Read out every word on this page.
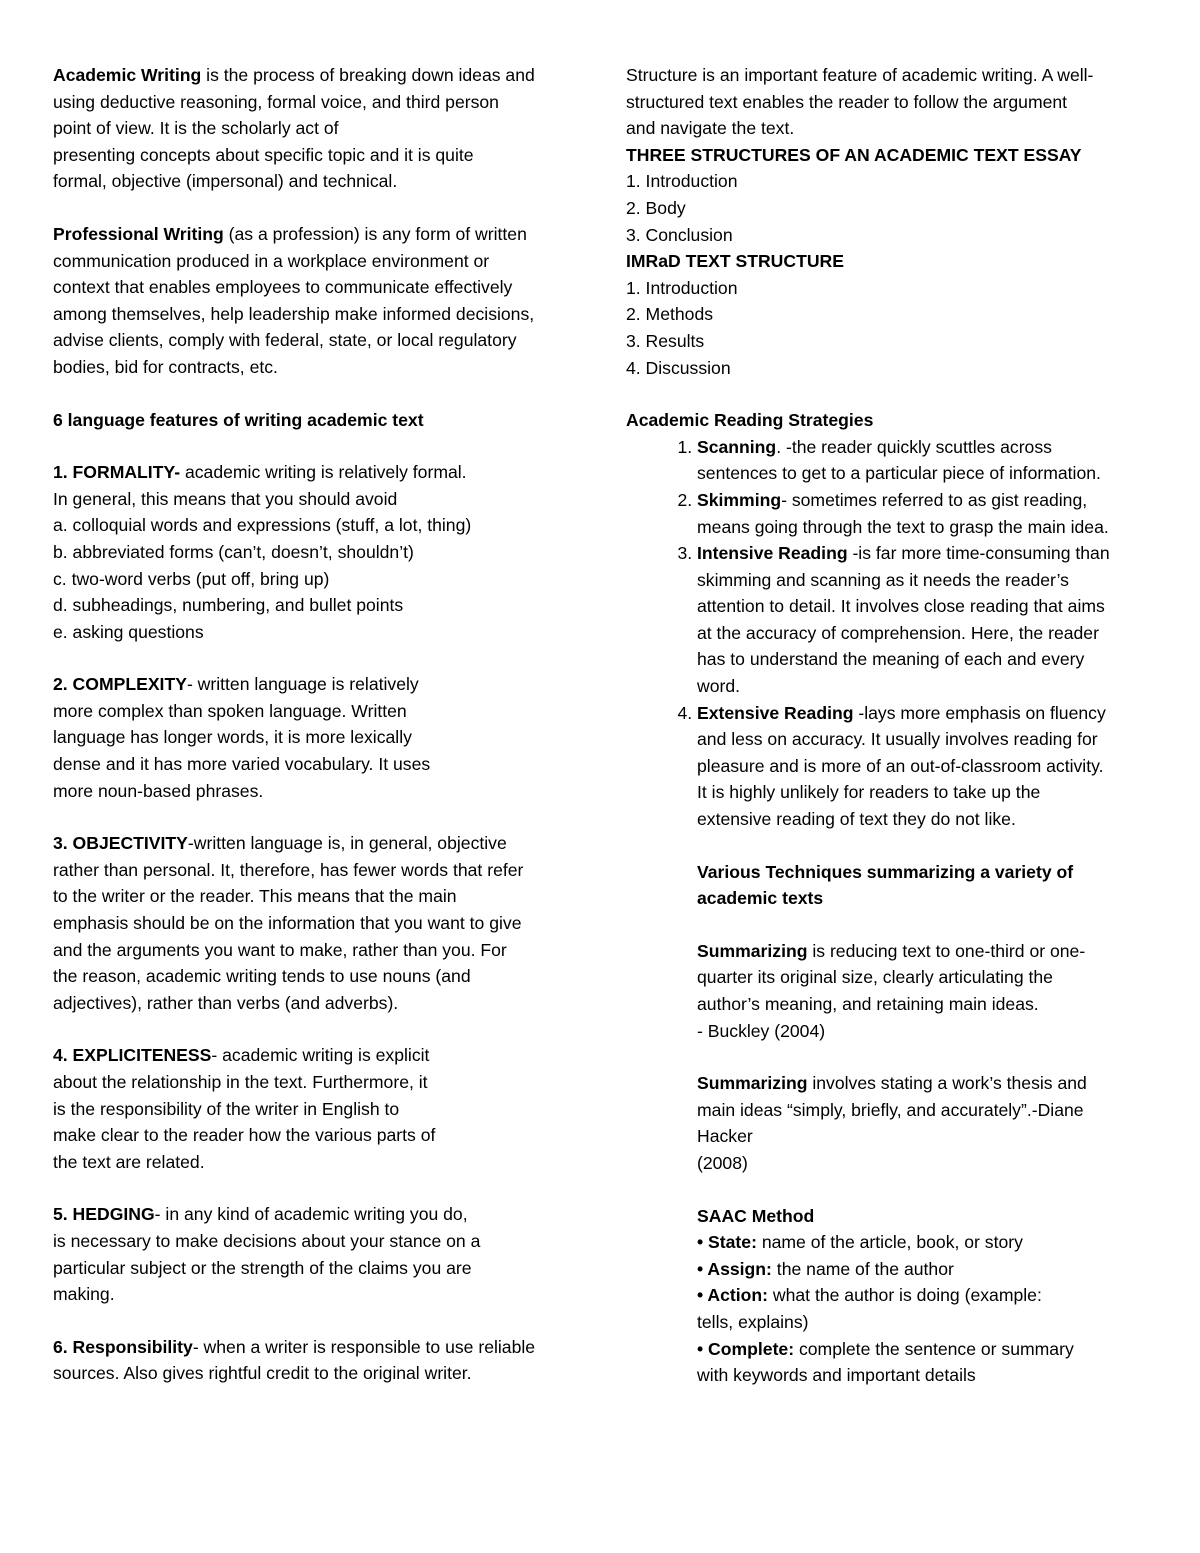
Academic Writing is the process of breaking down ideas and

using deductive reasoning, formal voice, and third person

point of view. It is the scholarly act of

presenting concepts about specific topic and it is quite

formal, objective (impersonal) and technical.

Professional Writing (as a profession) is any form of written

communication produced in a workplace environment or

context that enables employees to communicate effectively

among themselves, help leadership make informed decisions,

advise clients, comply with federal, state, or local regulatory

bodies, bid for contracts, etc.

6 language features of writing academic text

1. FORMALITY- academic writing is relatively formal.

In general, this means that you should avoid

a. colloquial words and expressions (stuff, a lot, thing)

b. abbreviated forms (can’t, doesn’t, shouldn’t)

c. two-word verbs (put off, bring up)

d. subheadings, numbering, and bullet points

e. asking questions

2. COMPLEXITY- written language is relatively

more complex than spoken language. Written

language has longer words, it is more lexically

dense and it has more varied vocabulary. It uses

more noun-based phrases.

3. OBJECTIVITY-written language is, in general, objective

rather than personal. It, therefore, has fewer words that refer

to the writer or the reader. This means that the main

emphasis should be on the information that you want to give

and the arguments you want to make, rather than you. For

the reason, academic writing tends to use nouns (and

adjectives), rather than verbs (and adverbs).

4. EXPLICITENESS- academic writing is explicit

about the relationship in the text. Furthermore, it

is the responsibility of the writer in English to

make clear to the reader how the various parts of

the text are related.

5. HEDGING- in any kind of academic writing you do,

is necessary to make decisions about your stance on a

particular subject or the strength of the claims you are

making.

6. Responsibility- when a writer is responsible to use reliable

sources. Also gives rightful credit to the original writer.

Structure is an important feature of academic writing. A well-

structured text enables the reader to follow the argument

and navigate the text.

THREE STRUCTURES OF AN ACADEMIC TEXT ESSAY

1. Introduction

2. Body

3. Conclusion

IMRaD TEXT STRUCTURE

1. Introduction

2. Methods

3. Results

4. Discussion

Academic Reading Strategies

1. Scanning. -the reader quickly scuttles across
sentences to get to a particular piece of information.
2. Skimming- sometimes referred to as gist reading,
means going through the text to grasp the main idea.
3. Intensive Reading -is far more time-consuming than
skimming and scanning as it needs the reader’s
attention to detail. It involves close reading that aims
at the accuracy of comprehension. Here, the reader
has to understand the meaning of each and every
word.
4. Extensive Reading -lays more emphasis on fluency
and less on accuracy. It usually involves reading for
pleasure and is more of an out-of-classroom activity.
It is highly unlikely for readers to take up the
extensive reading of text they do not like.

Various Techniques summarizing a variety of

academic texts

Summarizing is reducing text to one-third or one-

quarter its original size, clearly articulating the

author’s meaning, and retaining main ideas.

- Buckley (2004)

Summarizing involves stating a work’s thesis and

main ideas “simply, briefly, and accurately”.-Diane

Hacker

(2008)

SAAC Method

• State: name of the article, book, or story

• Assign: the name of the author

• Action: what the author is doing (example:

tells, explains)

• Complete: complete the sentence or summary

with keywords and important details
